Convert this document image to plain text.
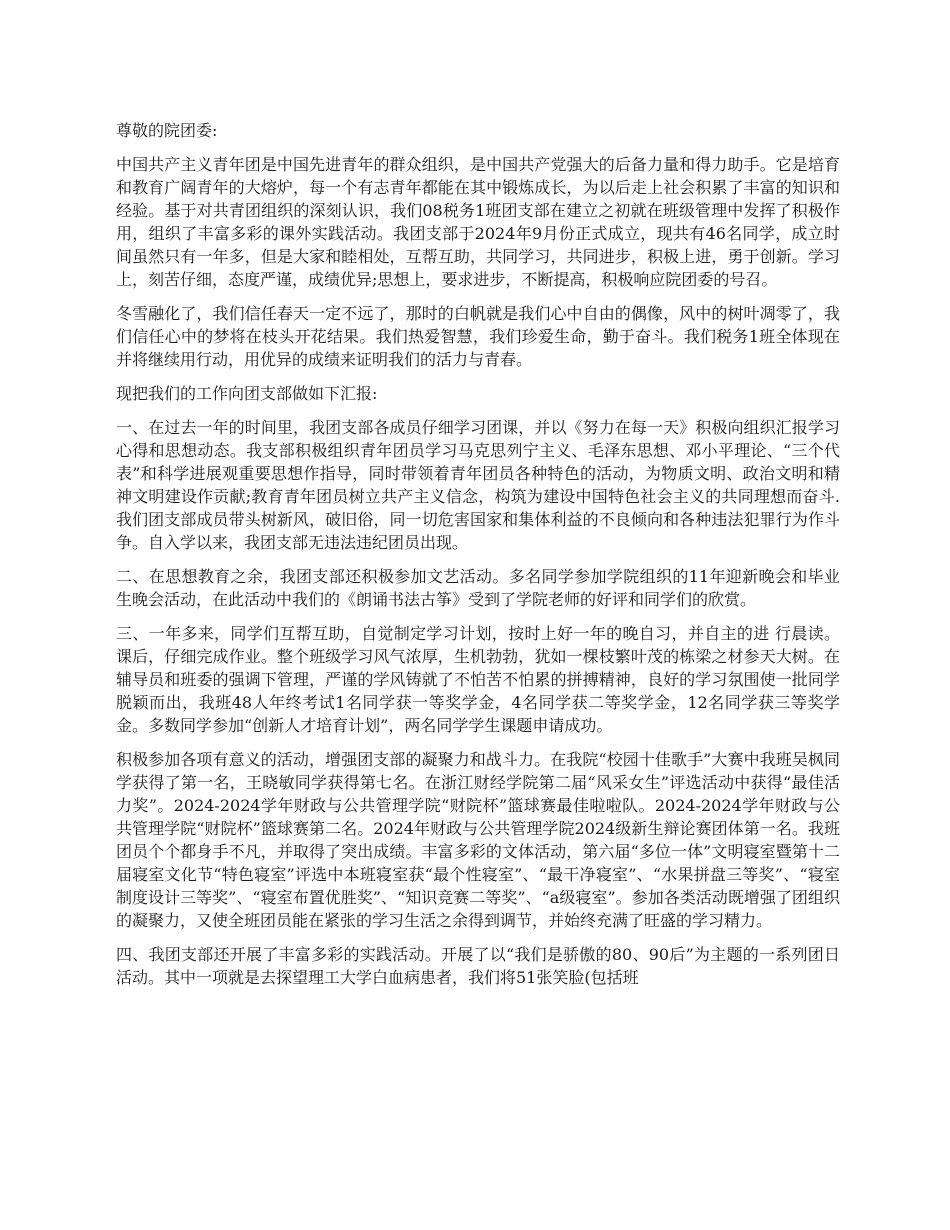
尊敬的院团委:

中国共产主义青年团是中国先进青年的群众组织，是中国共产党强大的后备力量和得力助手。它是培育和教育广阔青年的大熔炉，每一个有志青年都能在其中锻炼成长，为以后走上社会积累了丰富的知识和经验。基于对共青团组织的深刻认识，我们08税务1班团支部在建立之初就在班级管理中发挥了积极作用，组织了丰富多彩的课外实践活动。我团支部于2024年9月份正式成立，现共有46名同学，成立时间虽然只有一年多，但是大家和睦相处，互帮互助，共同学习，共同进步，积极上进，勇于创新。学习上，刻苦仔细，态度严谨，成绩优异;思想上，要求进步，不断提高，积极响应院团委的号召。

冬雪融化了，我们信任春天一定不远了，那时的白帆就是我们心中自由的偶像，风中的树叶凋零了，我们信任心中的梦将在枝头开花结果。我们热爱智慧，我们珍爱生命，勤于奋斗。我们税务1班全体现在并将继续用行动，用优异的成绩来证明我们的活力与青春。

现把我们的工作向团支部做如下汇报:

一、在过去一年的时间里，我团支部各成员仔细学习团课，并以《努力在每一天》积极向组织汇报学习心得和思想动态。我支部积极组织青年团员学习马克思列宁主义、毛泽东思想、邓小平理论、“三个代表”和科学进展观重要思想作指导，同时带领着青年团员各种特色的活动，为物质文明、政治文明和精神文明建设作贡献;教育青年团员树立共产主义信念，构筑为建设中国特色社会主义的共同理想而奋斗.我们团支部成员带头树新风，破旧俗，同一切危害国家和集体利益的不良倾向和各种违法犯罪行为作斗争。自入学以来，我团支部无违法违纪团员出现。

二、在思想教育之余，我团支部还积极参加文艺活动。多名同学参加学院组织的11年迎新晚会和毕业生晚会活动，在此活动中我们的《朗诵书法古筝》受到了学院老师的好评和同学们的欣赏。

三、一年多来，同学们互帮互助，自觉制定学习计划，按时上好一年的晚自习，并自主的进 行晨读。课后，仔细完成作业。整个班级学习风气浓厚，生机勃勃，犹如一棵枝繁叶茂的栋梁之材参天大树。在辅导员和班委的强调下管理，严谨的学风铸就了不怕苦不怕累的拼搏精神，良好的学习氛围使一批同学脱颖而出，我班48人年终考试1名同学获一等奖学金，4名同学获二等奖学金，12名同学获三等奖学金。多数同学参加“创新人才培育计划”，两名同学学生课题申请成功。

积极参加各项有意义的活动，增强团支部的凝聚力和战斗力。在我院“校园十佳歌手”大赛中我班吴枫同学获得了第一名，王晓敏同学获得第七名。在浙江财经学院第二届“风采女生”评选活动中获得“最佳活力奖”。2024-2024学年财政与公共管理学院“财院杯”篮球赛最佳啦啦队。2024-2024学年财政与公共管理学院“财院杯”篮球赛第二名。2024年财政与公共管理学院2024级新生辩论赛团体第一名。我班团员个个都身手不凡，并取得了突出成绩。丰富多彩的文体活动，第六届“多位一体”文明寝室暨第十二届寝室文化节“特色寝室”评选中本班寝室获“最个性寝室”、“最干净寝室”、“水果拼盘三等奖”、“寝室制度设计三等奖”、“寝室布置优胜奖”、“知识竞赛二等奖”、“a级寝室”。参加各类活动既增强了团组织的凝聚力，又使全班团员能在紧张的学习生活之余得到调节，并始终充满了旺盛的学习精力。

四、我团支部还开展了丰富多彩的实践活动。开展了以“我们是骄傲的80、90后”为主题的一系列团日活动。其中一项就是去探望理工大学白血病患者，我们将51张笑脸(包括班
